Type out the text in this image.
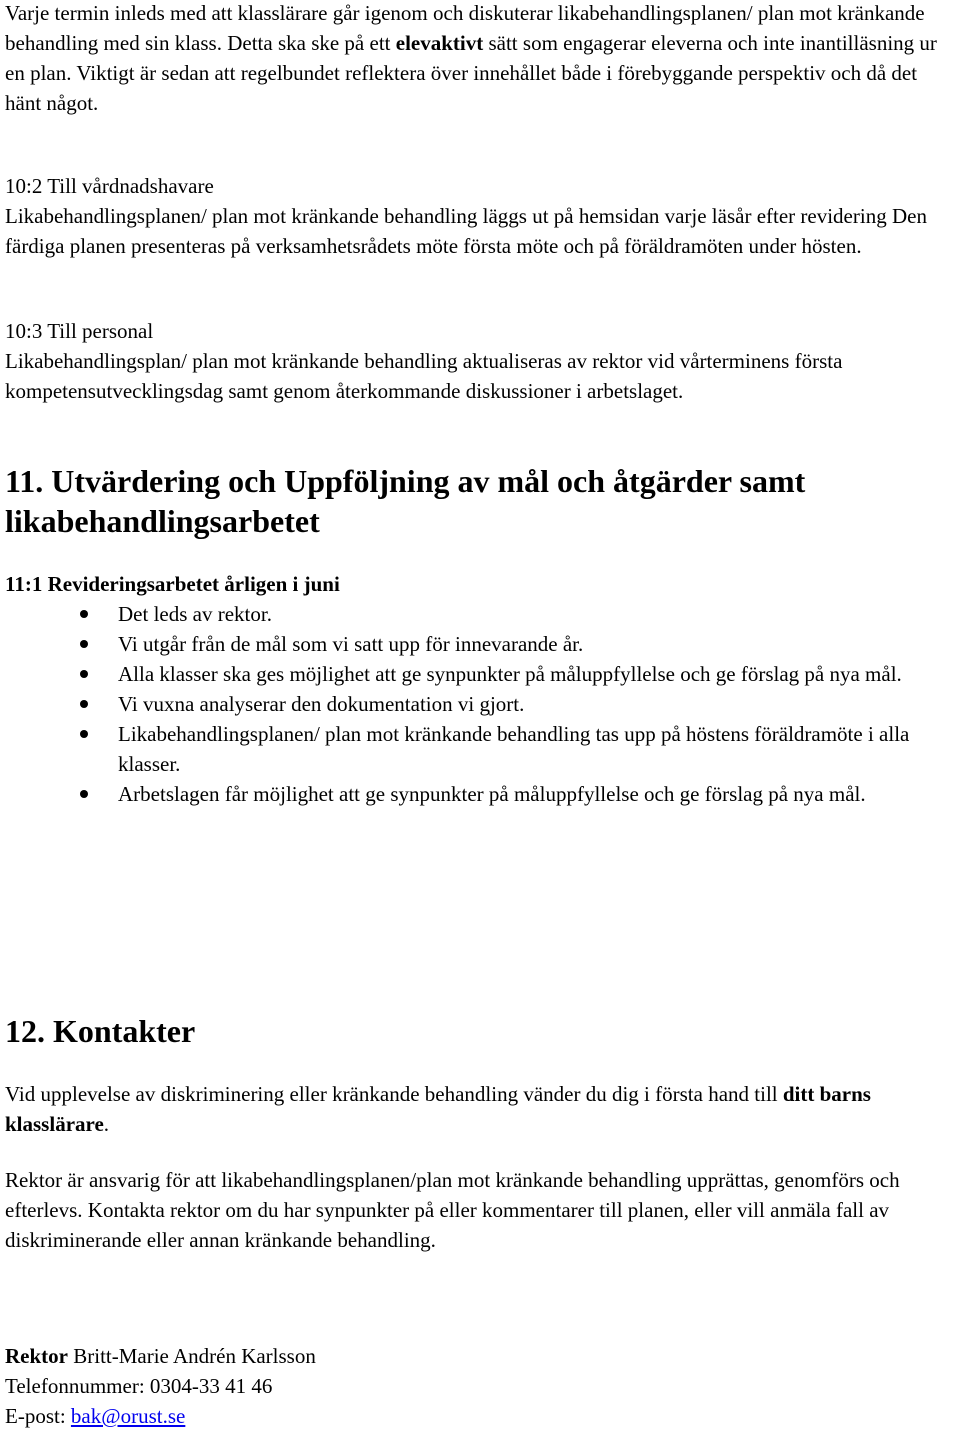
Varje termin inleds med att klasslärare går igenom och diskuterar likabehandlingsplanen/ plan mot kränkande behandling med sin klass. Detta ska ske på ett elevaktivt sätt som engagerar eleverna och inte inantilläsning ur en plan. Viktigt är sedan att regelbundet reflektera över innehållet både i förebyggande perspektiv och då det hänt något.

10:2 Till vårdnadshavare

Likabehandlingsplanen/ plan mot kränkande behandling läggs ut på hemsidan varje läsår efter revidering Den färdiga planen presenteras på verksamhetsrådets möte första möte och på föräldramöten under hösten.

10:3 Till personal

Likabehandlingsplan/ plan mot kränkande behandling aktualiseras av rektor vid vårterminens första kompetensutvecklingsdag samt genom återkommande diskussioner i arbetslaget.

11. Utvärdering och Uppföljning av mål och åtgärder samt likabehandlingsarbetet

11:1 Revideringsarbetet årligen i juni

Det leds av rektor.
Vi utgår från de mål som vi satt upp för innevarande år.
Alla klasser ska ges möjlighet att ge synpunkter på måluppfyllelse och ge förslag på nya mål.
Vi vuxna analyserar den dokumentation vi gjort.
Likabehandlingsplanen/ plan mot kränkande behandling tas upp på höstens föräldramöte i alla klasser.
Arbetslagen får möjlighet att ge synpunkter på måluppfyllelse och ge förslag på nya mål.
12. Kontakter

Vid upplevelse av diskriminering eller kränkande behandling vänder du dig i första hand till ditt barns klasslärare.

Rektor är ansvarig för att likabehandlingsplanen/plan mot kränkande behandling upprättas, genomförs och efterlevs. Kontakta rektor om du har synpunkter på eller kommentarer till planen, eller vill anmäla fall av diskriminerande eller annan kränkande behandling.

Rektor Britt-Marie Andrén Karlsson

Telefonnummer: 0304-33 41 46

E-post: bak@orust.se
